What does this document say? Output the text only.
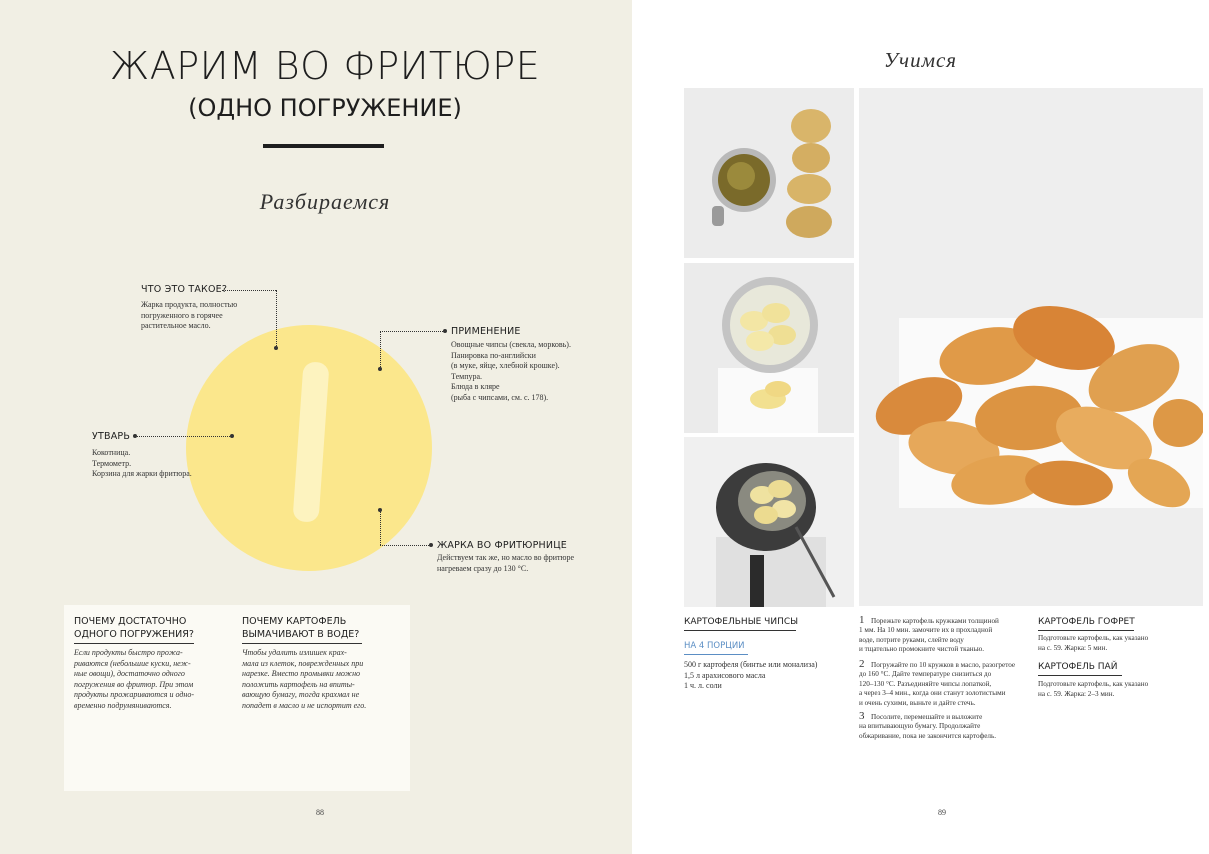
ЖАРИМ ВО ФРИТЮРЕ
(ОДНО ПОГРУЖЕНИЕ)
Разбираемся
ЧТО ЭТО ТАКОЕ?
Жарка продукта, полностью
погруженного в горячее
растительное масло.
ПРИМЕНЕНИЕ
Овощные чипсы (свекла, морковь).
Панировка по-английски
(в муке, яйце, хлебной крошке).
Темпура.
Блюда в кляре
(рыба с чипсами, см. с. 178).
УТВАРЬ
Кокотница.
Термометр.
Корзина для жарки фритюра.
ЖАРКА ВО ФРИТЮРНИЦЕ
Действуем так же, но масло во фритюре
нагреваем сразу до 130 °С.
ПОЧЕМУ ДОСТАТОЧНО
ОДНОГО ПОГРУЖЕНИЯ?
Если продукты быстро прожа-
риваются (небольшие куски, неж-
ные овощи), достаточно одного
погружения во фритюр. При этом
продукты прожариваются и одно-
временно подрумяниваются.
ПОЧЕМУ КАРТОФЕЛЬ
ВЫМАЧИВАЮТ В ВОДЕ?
Чтобы удалить излишек крах-
мала из клеток, поврежденных при
нарезке. Вместо промывки можно
положить картофель на впиты-
вающую бумагу, тогда крахмал не
попадет в масло и не испортит его.
88
Учимся
КАРТОФЕЛЬНЫЕ ЧИПСЫ
НА 4 ПОРЦИИ
500 г картофеля (бинтье или монализа)
1,5 л арахисового масла
1 ч. л. соли
1 Порежьте картофель кружками толщиной
1 мм. На 10 мин. замочите их в прохладной
воде, потрите руками, слейте воду
и тщательно промокните чистой тканью.
2 Погружайте по 10 кружков в масло, разогретое
до 160 °С. Дайте температуре снизиться до
120–130 °С. Разъединяйте чипсы лопаткой,
а через 3–4 мин., когда они станут золотистыми
и очень сухими, выньте и дайте стечь.
3 Посолите, перемешайте и выложите
на впитывающую бумагу. Продолжайте
обжаривание, пока не закончится картофель.
КАРТОФЕЛЬ ГОФРЕТ
Подготовьте картофель, как указано
на с. 59. Жарка: 5 мин.
КАРТОФЕЛЬ ПАЙ
Подготовьте картофель, как указано
на с. 59. Жарка: 2–3 мин.
89
